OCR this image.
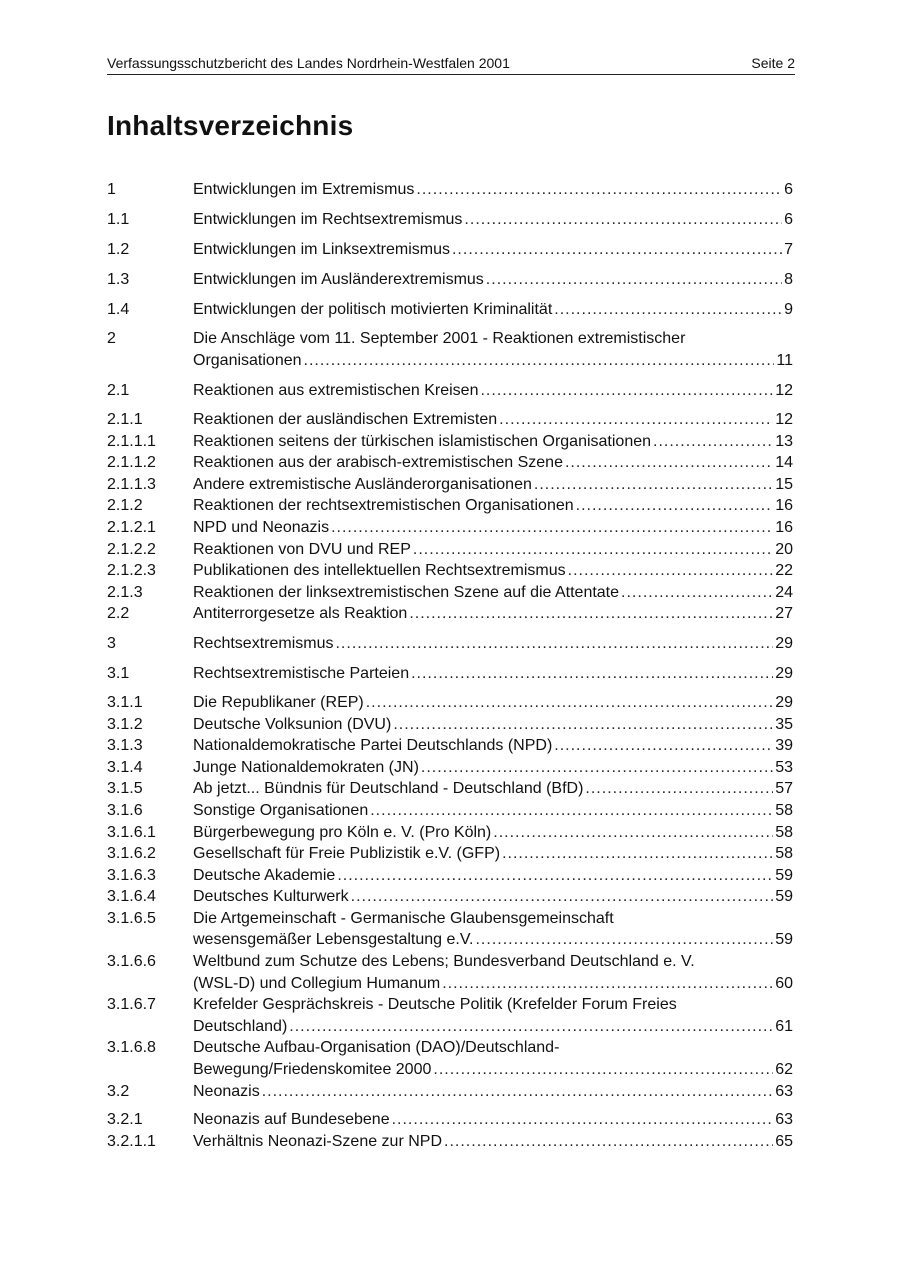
Verfassungsschutzbericht des Landes Nordrhein-Westfalen 2001	Seite 2
Inhaltsverzeichnis
1	Entwicklungen im Extremismus .....	6
1.1	Entwicklungen im Rechtsextremismus .....	6
1.2	Entwicklungen im Linksextremismus .....	7
1.3	Entwicklungen im Ausländerextremismus .....	8
1.4	Entwicklungen der politisch motivierten Kriminalität .....	9
2	Die Anschläge vom 11. September 2001 - Reaktionen extremistischer
Organisationen .....	11
2.1	Reaktionen aus extremistischen Kreisen .....	12
2.1.1	Reaktionen der ausländischen Extremisten .....	12
2.1.1.1	Reaktionen seitens der türkischen islamistischen Organisationen .....	13
2.1.1.2	Reaktionen aus der arabisch-extremistischen Szene .....	14
2.1.1.3	Andere extremistische Ausländerorganisationen .....	15
2.1.2	Reaktionen der rechtsextremistischen Organisationen .....	16
2.1.2.1	NPD und Neonazis .....	16
2.1.2.2	Reaktionen von DVU und REP .....	20
2.1.2.3	Publikationen des intellektuellen Rechtsextremismus .....	22
2.1.3	Reaktionen der linksextremistischen Szene auf die Attentate .....	24
2.2	Antiterrorgesetze als Reaktion .....	27
3	Rechtsextremismus .....	29
3.1	Rechtsextremistische Parteien .....	29
3.1.1	Die Republikaner (REP) .....	29
3.1.2	Deutsche Volksunion (DVU) .....	35
3.1.3	Nationaldemokratische Partei Deutschlands (NPD) .....	39
3.1.4	Junge Nationaldemokraten (JN) .....	53
3.1.5	Ab jetzt... Bündnis für Deutschland - Deutschland (BfD) .....	57
3.1.6	Sonstige Organisationen .....	58
3.1.6.1	Bürgerbewegung pro Köln e. V. (Pro Köln) .....	58
3.1.6.2	Gesellschaft für Freie Publizistik e.V. (GFP) .....	58
3.1.6.3	Deutsche Akademie .....	59
3.1.6.4	Deutsches Kulturwerk .....	59
3.1.6.5	Die Artgemeinschaft - Germanische Glaubensgemeinschaft
wesensgemäßer Lebensgestaltung e.V. .....	59
3.1.6.6	Weltbund zum Schutze des Lebens; Bundesverband Deutschland e. V.
(WSL-D) und Collegium Humanum .....	60
3.1.6.7	Krefelder Gesprächskreis - Deutsche Politik (Krefelder Forum Freies
Deutschland) .....	61
3.1.6.8	Deutsche Aufbau-Organisation (DAO)/Deutschland-
Bewegung/Friedenskomitee 2000 .....	62
3.2	Neonazis .....	63
3.2.1	Neonazis auf Bundesebene .....	63
3.2.1.1	Verhältnis Neonazi-Szene zur NPD .....	65
